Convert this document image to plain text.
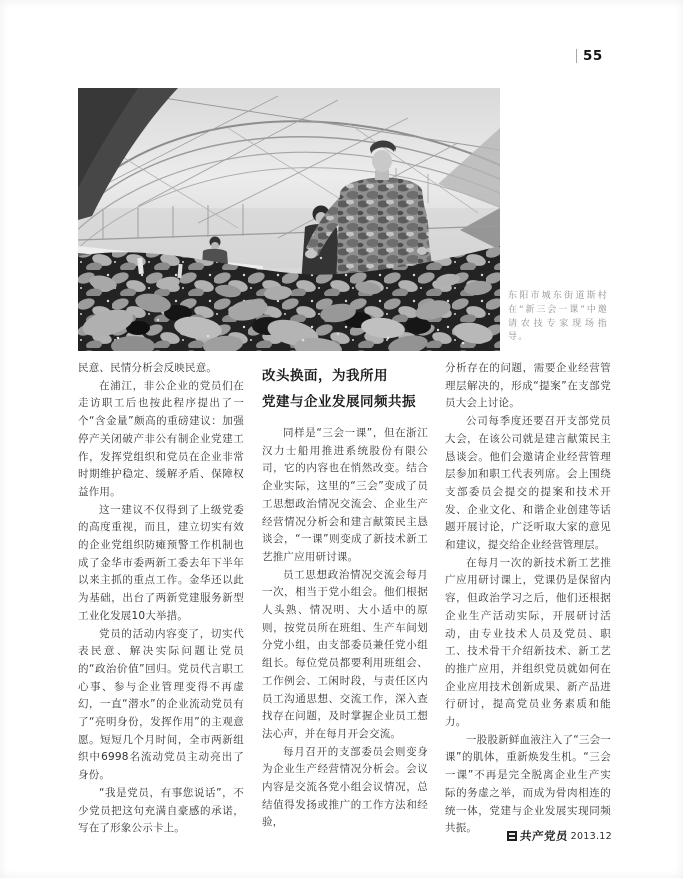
55
东阳市城东街道斯村在“新三会一课”中邀请农技专家现场指导。

民意、民情分析会反映民意。

在浦江，非公企业的党员们在走访职工后也按此程序提出了一个“含金量”颇高的重磅建议：加强停产关闭破产非公有制企业党建工作，发挥党组织和党员在企业非常时期维护稳定、缓解矛盾、保障权益作用。

这一建议不仅得到了上级党委的高度重视，而且，建立切实有效的企业党组织防瘫预警工作机制也成了金华市委两新工委去年下半年以来主抓的重点工作。金华还以此为基础，出台了两新党建服务新型工业化发展10大举措。

党员的活动内容变了，切实代表民意、解决实际问题让党员的“政治价值”回归。党员代言职工心事、参与企业管理变得不再虚幻，一直“潜水”的企业流动党员有了“亮明身份，发挥作用”的主观意愿。短短几个月时间，全市两新组织中6998名流动党员主动亮出了身份。

“我是党员，有事您说话”，不少党员把这句充满自豪感的承诺，写在了形象公示卡上。

改头换面，为我所用
党建与企业发展同频共振

同样是“三会一课”，但在浙江汉力士船用推进系统股份有限公司，它的内容也在悄然改变。结合企业实际，这里的“三会”变成了员工思想政治情况交流会、企业生产经营情况分析会和建言献策民主恳谈会，“一课”则变成了新技术新工艺推广应用研讨课。

员工思想政治情况交流会每月一次，相当于党小组会。他们根据人头熟、情况明、大小适中的原则，按党员所在班组、生产车间划分党小组，由支部委员兼任党小组组长。每位党员都要利用班组会、工作例会、工闲时段，与责任区内员工沟通思想、交流工作，深入查找存在问题，及时掌握企业员工想法心声，并在每月开会交流。

每月召开的支部委员会则变身为企业生产经营情况分析会。会议内容是交流各党小组会议情况，总结值得发扬或推广的工作方法和经验，

分析存在的问题，需要企业经营管理层解决的，形成“提案”在支部党员大会上讨论。

公司每季度还要召开支部党员大会，在该公司就是建言献策民主恳谈会。他们会邀请企业经营管理层参加和职工代表列席。会上围绕支部委员会提交的提案和技术开发、企业文化、和谐企业创建等话题开展讨论，广泛听取大家的意见和建议，提交给企业经营管理层。

在每月一次的新技术新工艺推广应用研讨课上，党课仍是保留内容，但政治学习之后，他们还根据企业生产活动实际，开展研讨活动，由专业技术人员及党员、职工、技术骨干介绍新技术、新工艺的推广应用，并组织党员就如何在企业应用技术创新成果、新产品进行研讨，提高党员业务素质和能力。

一股股新鲜血液注入了“三会一课”的肌体，重新焕发生机。“三会一课”不再是完全脱离企业生产实际的务虚之举，而成为骨肉相连的统一体，党建与企业发展实现同频共振。

共产党员 2013.12
